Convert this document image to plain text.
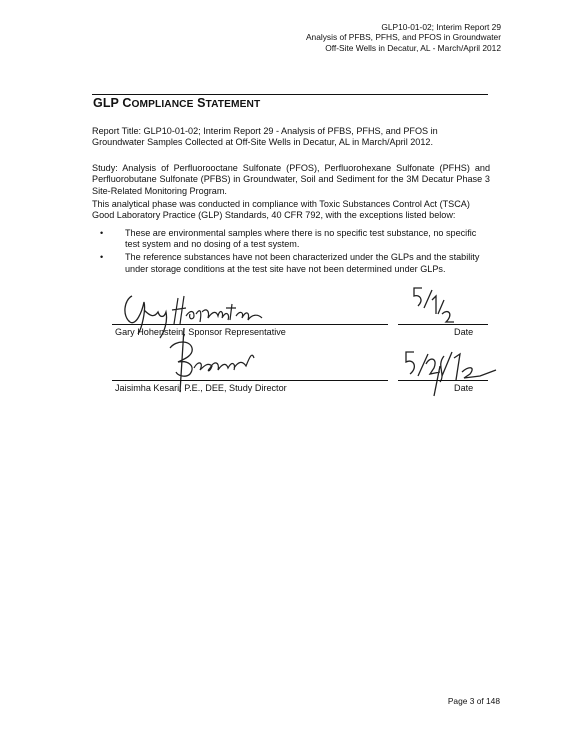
GLP10-01-02; Interim Report 29
Analysis of PFBS, PFHS, and PFOS in Groundwater
Off-Site Wells in Decatur, AL - March/April 2012
GLP COMPLIANCE STATEMENT
Report Title: GLP10-01-02; Interim Report 29 - Analysis of PFBS, PFHS, and PFOS in Groundwater Samples Collected at Off-Site Wells in Decatur, AL in March/April 2012.
Study: Analysis of Perfluorooctane Sulfonate (PFOS), Perfluorohexane Sulfonate (PFHS) and Perfluorobutane Sulfonate (PFBS) in Groundwater, Soil and Sediment for the 3M Decatur Phase 3 Site-Related Monitoring Program.
This analytical phase was conducted in compliance with Toxic Substances Control Act (TSCA) Good Laboratory Practice (GLP) Standards, 40 CFR 792, with the exceptions listed below:
• These are environmental samples where there is no specific test substance, no specific test system and no dosing of a test system.
• The reference substances have not been characterized under the GLPs and the stability under storage conditions at the test site have not been determined under GLPs.
Gary Hohenstein, Sponsor Representative	Date
Jaisimha Kesari, P.E., DEE, Study Director	Date
Page 3 of 148
